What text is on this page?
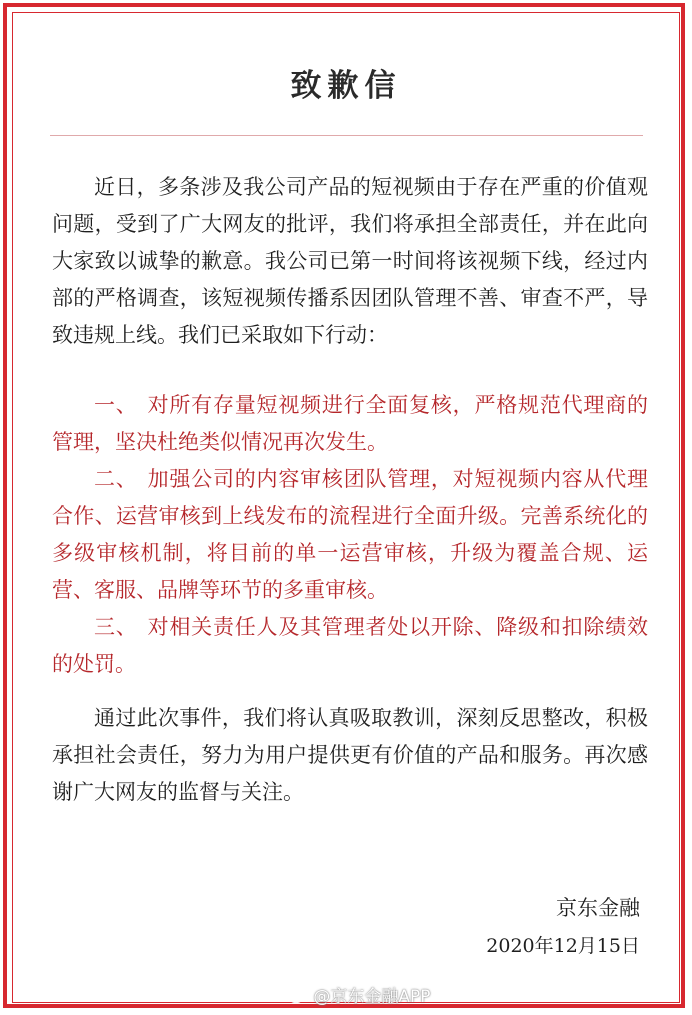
致歉信

近日，多条涉及我公司产品的短视频由于存在严重的价值观问题，受到了广大网友的批评，我们将承担全部责任，并在此向大家致以诚挚的歉意。我公司已第一时间将该视频下线，经过内部的严格调查，该短视频传播系因团队管理不善、审查不严，导致违规上线。我们已采取如下行动：

一、 对所有存量短视频进行全面复核，严格规范代理商的管理，坚决杜绝类似情况再次发生。
二、 加强公司的内容审核团队管理，对短视频内容从代理合作、运营审核到上线发布的流程进行全面升级。完善系统化的多级审核机制，将目前的单一运营审核，升级为覆盖合规、运营、客服、品牌等环节的多重审核。
三、 对相关责任人及其管理者处以开除、降级和扣除绩效的处罚。

通过此次事件，我们将认真吸取教训，深刻反思整改，积极承担社会责任，努力为用户提供更有价值的产品和服务。再次感谢广大网友的监督与关注。

京东金融
2020年12月15日
@京东金融APP
